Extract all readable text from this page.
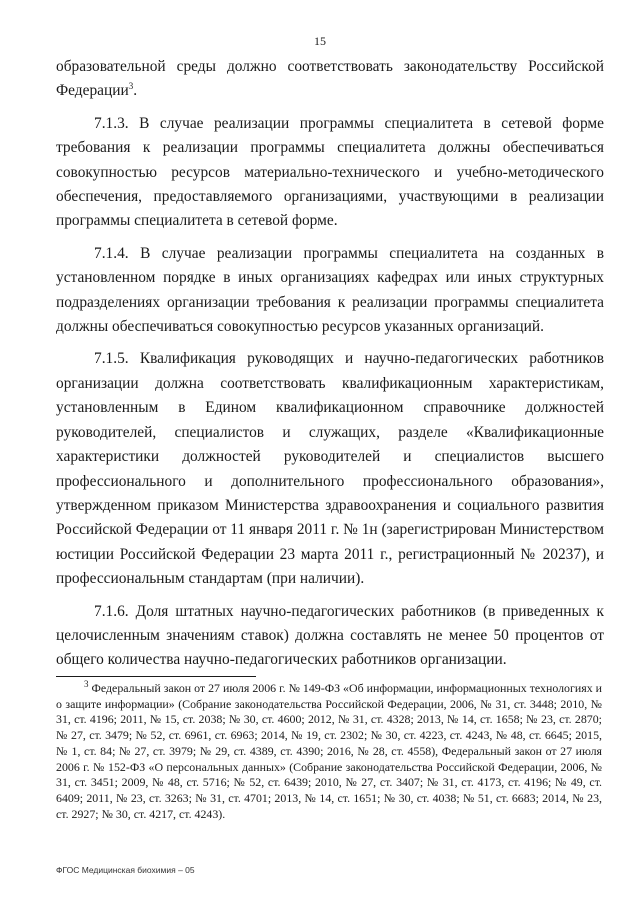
15

образовательной среды должно соответствовать законодательству Российской Федерации$^3$.

7.1.3. В случае реализации программы специалитета в сетевой форме требования к реализации программы специалитета должны обеспечиваться совокупностью ресурсов материально-технического и учебно-методического обеспечения, предоставляемого организациями, участвующими в реализации программы специалитета в сетевой форме.

7.1.4. В случае реализации программы специалитета на созданных в установленном порядке в иных организациях кафедрах или иных структурных подразделениях организации требования к реализации программы специалитета должны обеспечиваться совокупностью ресурсов указанных организаций.

7.1.5. Квалификация руководящих и научно-педагогических работников организации должна соответствовать квалификационным характеристикам, установленным в Едином квалификационном справочнике должностей руководителей, специалистов и служащих, разделе «Квалификационные характеристики должностей руководителей и специалистов высшего профессионального и дополнительного профессионального образования», утвержденном приказом Министерства здравоохранения и социального развития Российской Федерации от 11 января 2011 г. № 1н (зарегистрирован Министерством юстиции Российской Федерации 23 марта 2011 г., регистрационный № 20237), и профессиональным стандартам (при наличии).

7.1.6. Доля штатных научно-педагогических работников (в приведенных к целочисленным значениям ставок) должна составлять не менее 50 процентов от общего количества научно-педагогических работников организации.

$^3$ Федеральный закон от 27 июля 2006 г. № 149-ФЗ «Об информации, информационных технологиях и о защите информации» (Собрание законодательства Российской Федерации, 2006, № 31, ст. 3448; 2010, № 31, ст. 4196; 2011, № 15, ст. 2038; № 30, ст. 4600; 2012, № 31, ст. 4328; 2013, № 14, ст. 1658; № 23, ст. 2870; № 27, ст. 3479; № 52, ст. 6961, ст. 6963; 2014, № 19, ст. 2302; № 30, ст. 4223, ст. 4243, № 48, ст. 6645; 2015, № 1, ст. 84; № 27, ст. 3979; № 29, ст. 4389, ст. 4390; 2016, № 28, ст. 4558), Федеральный закон от 27 июля 2006 г. № 152-ФЗ «О персональных данных» (Собрание законодательства Российской Федерации, 2006, № 31, ст. 3451; 2009, № 48, ст. 5716; № 52, ст. 6439; 2010, № 27, ст. 3407; № 31, ст. 4173, ст. 4196; № 49, ст. 6409; 2011, № 23, ст. 3263; № 31, ст. 4701; 2013, № 14, ст. 1651; № 30, ст. 4038; № 51, ст. 6683; 2014, № 23, ст. 2927; № 30, ст. 4217, ст. 4243).
ФГОС Медицинская биохимия – 05
